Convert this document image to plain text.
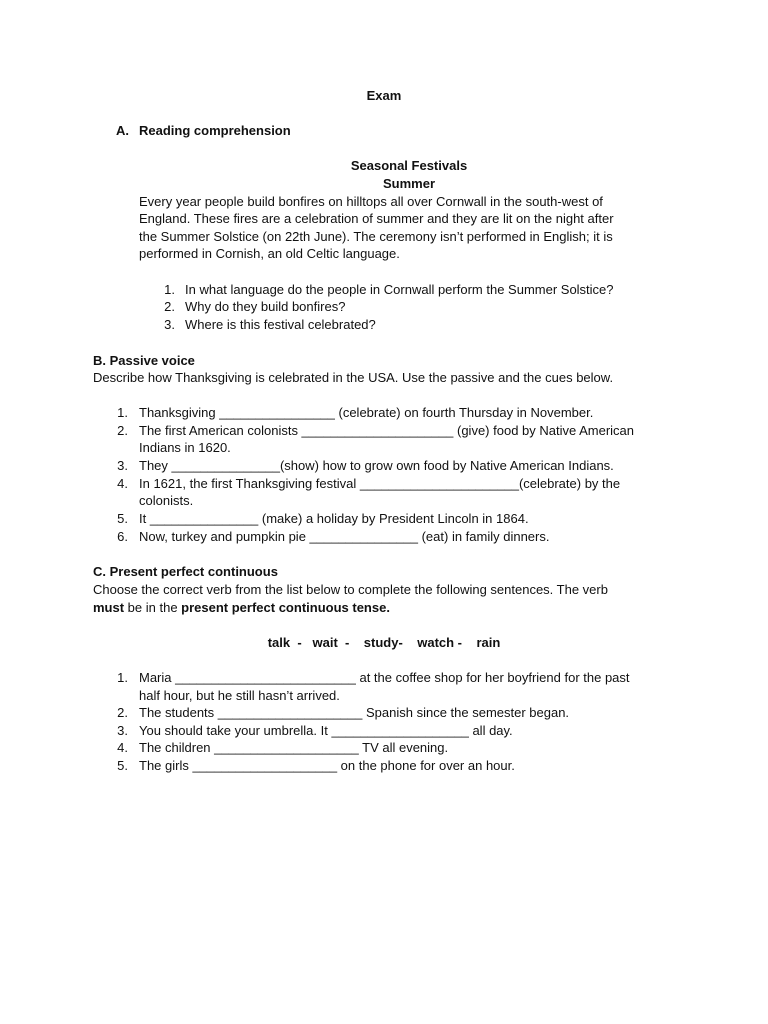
Exam
A. Reading comprehension
Seasonal Festivals
Summer
Every year people build bonfires on hilltops all over Cornwall in the south-west of
England. These fires are a celebration of summer and they are lit on the night after
the Summer Solstice (on 22th June). The ceremony isn’t performed in English; it is
performed in Cornish, an old Celtic language.
1. In what language do the people in Cornwall perform the Summer Solstice?
2. Why do they build bonfires?
3. Where is this festival celebrated?
B. Passive voice
Describe how Thanksgiving is celebrated in the USA. Use the passive and the cues below.
1. Thanksgiving ________________ (celebrate) on fourth Thursday in November.
2. The first American colonists _____________________ (give) food by Native American
Indians in 1620.
3. They _______________(show) how to grow own food by Native American Indians.
4. In 1621, the first Thanksgiving festival ______________________(celebrate) by the
colonists.
5. It _______________ (make) a holiday by President Lincoln in 1864.
6. Now, turkey and pumpkin pie _______________ (eat) in family dinners.
C. Present perfect continuous
Choose the correct verb from the list below to complete the following sentences. The verb
must be in the present perfect continuous tense.
talk  -   wait  -    study-    watch -    rain
1. Maria _________________________ at the coffee shop for her boyfriend for the past
half hour, but he still hasn’t arrived.
2. The students ____________________ Spanish since the semester began.
3. You should take your umbrella. It ___________________ all day.
4. The children ____________________ TV all evening.
5. The girls ____________________ on the phone for over an hour.
